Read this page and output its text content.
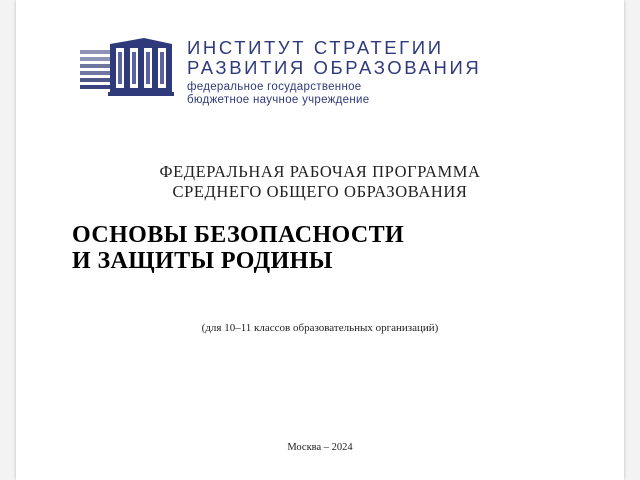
ИНСТИТУТ СТРАТЕГИИ
РАЗВИТИЯ ОБРАЗОВАНИЯ
федеральное государственное
бюджетное научное учреждение
ФЕДЕРАЛЬНАЯ РАБОЧАЯ ПРОГРАММА
СРЕДНЕГО ОБЩЕГО ОБРАЗОВАНИЯ
ОСНОВЫ БЕЗОПАСНОСТИ
И ЗАЩИТЫ РОДИНЫ
(для 10–11 классов образовательных организаций)
Москва – 2024
